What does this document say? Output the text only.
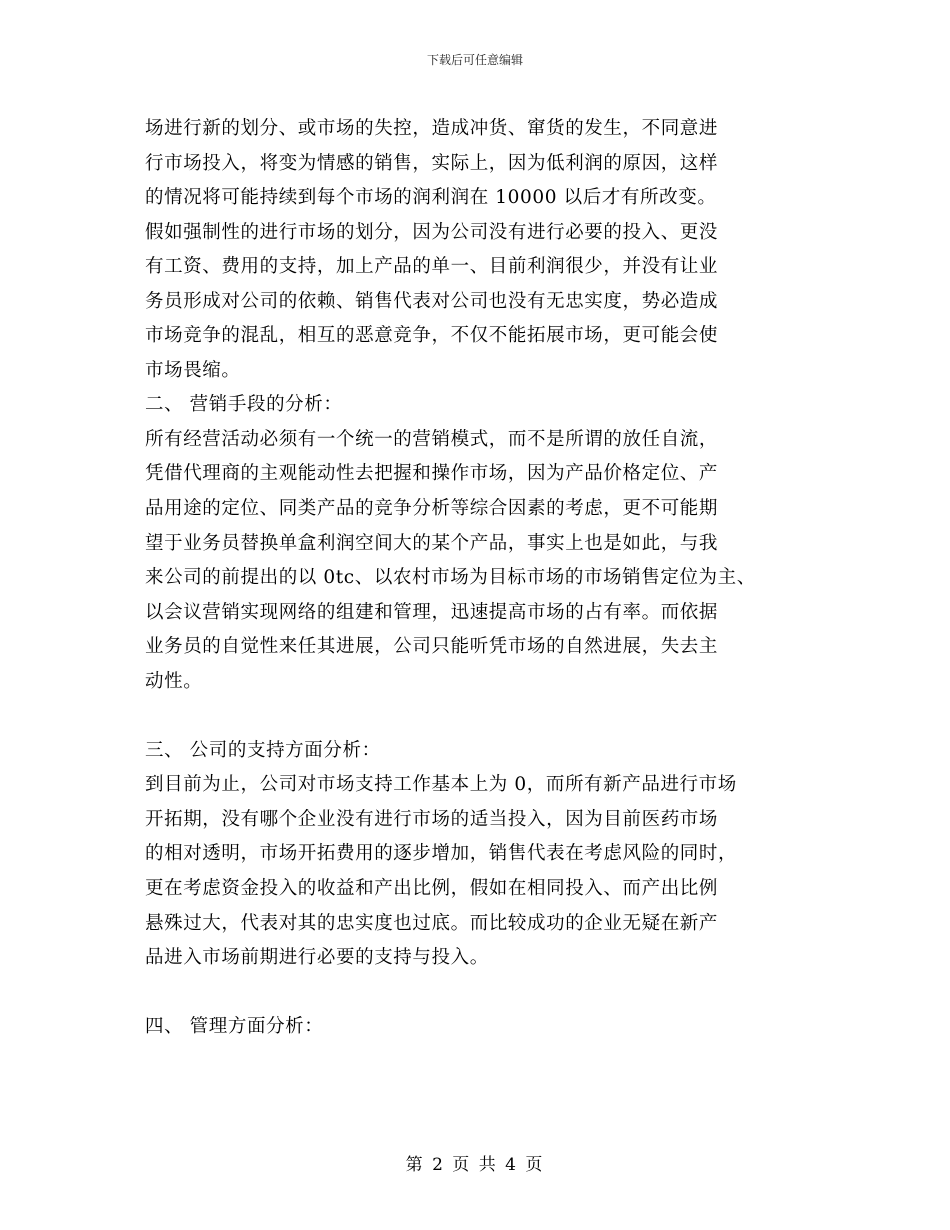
下载后可任意编辑
场进行新的划分、或市场的失控，造成冲货、窜货的发生，不同意进
行市场投入，将变为情感的销售，实际上，因为低利润的原因，这样
的情况将可能持续到每个市场的润利润在 10000 以后才有所改变。
假如强制性的进行市场的划分，因为公司没有进行必要的投入、更没
有工资、费用的支持，加上产品的单一、目前利润很少，并没有让业
务员形成对公司的依赖、销售代表对公司也没有无忠实度，势必造成
市场竞争的混乱，相互的恶意竞争，不仅不能拓展市场，更可能会使
市场畏缩。
二、 营销手段的分析：
所有经营活动必须有一个统一的营销模式，而不是所谓的放任自流，
凭借代理商的主观能动性去把握和操作市场，因为产品价格定位、产
品用途的定位、同类产品的竞争分析等综合因素的考虑，更不可能期
望于业务员替换单盒利润空间大的某个产品，事实上也是如此，与我
来公司的前提出的以 0tc、以农村市场为目标市场的市场销售定位为主、
以会议营销实现网络的组建和管理，迅速提高市场的占有率。而依据
业务员的自觉性来任其进展，公司只能听凭市场的自然进展，失去主
动性。
三、 公司的支持方面分析：
到目前为止，公司对市场支持工作基本上为 0，而所有新产品进行市场
开拓期，没有哪个企业没有进行市场的适当投入，因为目前医药市场
的相对透明，市场开拓费用的逐步增加，销售代表在考虑风险的同时，
更在考虑资金投入的收益和产出比例，假如在相同投入、而产出比例
悬殊过大，代表对其的忠实度也过底。而比较成功的企业无疑在新产
品进入市场前期进行必要的支持与投入。
四、 管理方面分析：
第 2 页 共 4 页
